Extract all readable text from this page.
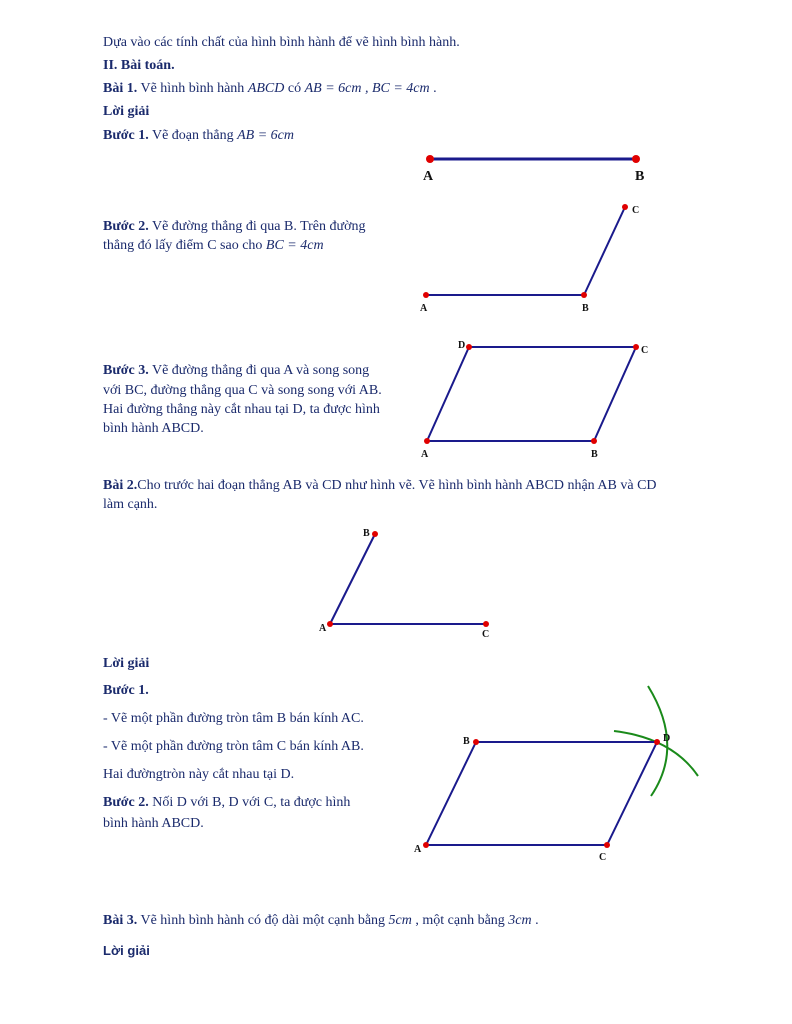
Dựa vào các tính chất của hình bình hành để vẽ hình bình hành.
II. Bài toán.
Bài 1. Vẽ hình bình hành ABCD có AB = 6cm , BC = 4cm .
Lời giải
Bước 1. Vẽ đoạn thẳng AB = 6cm
Bước 2. Vẽ đường thẳng đi qua B. Trên đường
thẳng đó lấy điểm C sao cho BC = 4cm
Bước 3. Vẽ đường thẳng đi qua A và song song
với BC, đường thẳng qua C và song song với AB.
Hai đường thẳng này cắt nhau tại D, ta được hình
bình hành ABCD.
Bài 2.Cho trước hai đoạn thẳng AB và CD như hình vẽ. Vẽ hình bình hành ABCD nhận AB và CD
làm cạnh.
Lời giải
Bước 1.
- Vẽ một phần đường tròn tâm B bán kính AC.
- Vẽ một phần đường tròn tâm C bán kính AB.
Hai đườngtròn này cắt nhau tại D.
Bước 2. Nối D với B, D với C, ta được hình
bình hành ABCD.
Bài 3. Vẽ hình bình hành có độ dài một cạnh bằng 5cm , một cạnh bằng 3cm .
Lời giải
A	B
A	B
C
A	B
C
D
A
B
C
A
B
C
D
